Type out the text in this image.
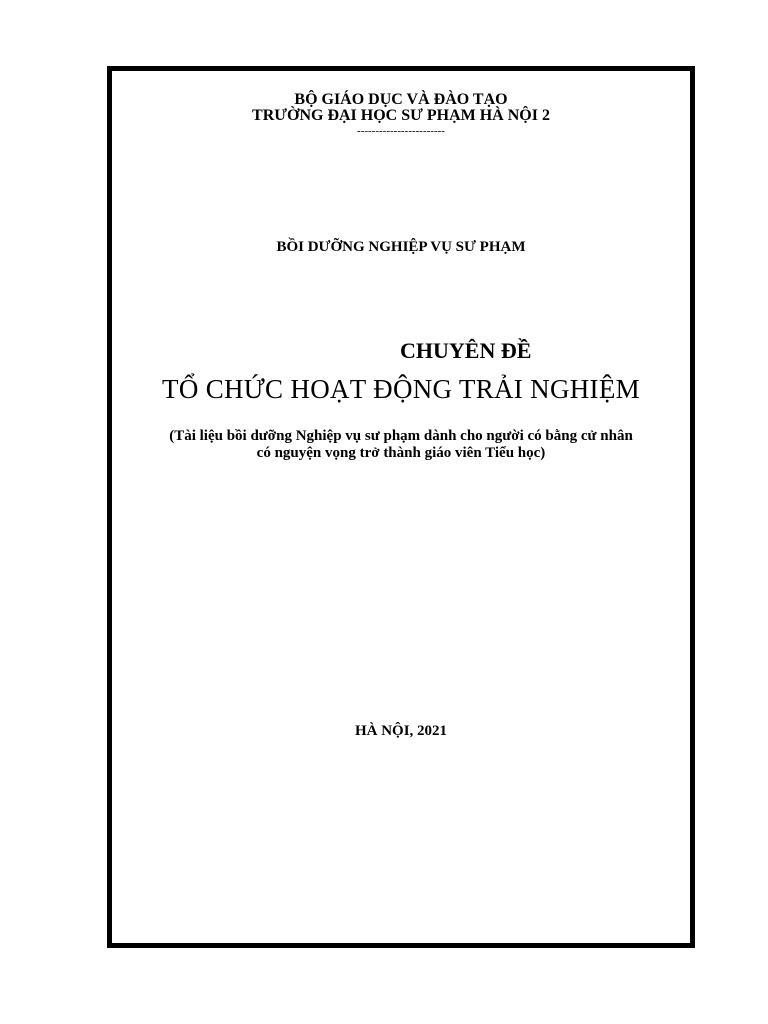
BỘ GIÁO DỤC VÀ ĐÀO TẠO
TRƯỜNG ĐẠI HỌC SƯ PHẠM HÀ NỘI 2
------------------------
BỒI DƯỠNG NGHIỆP VỤ SƯ PHẠM
CHUYÊN ĐỀ
TỔ CHỨC HOẠT ĐỘNG TRẢI NGHIỆM
(Tài liệu bồi dưỡng Nghiệp vụ sư phạm dành cho người có bằng cử nhân
có nguyện vọng trở thành giáo viên Tiểu học)
HÀ NỘI, 2021
